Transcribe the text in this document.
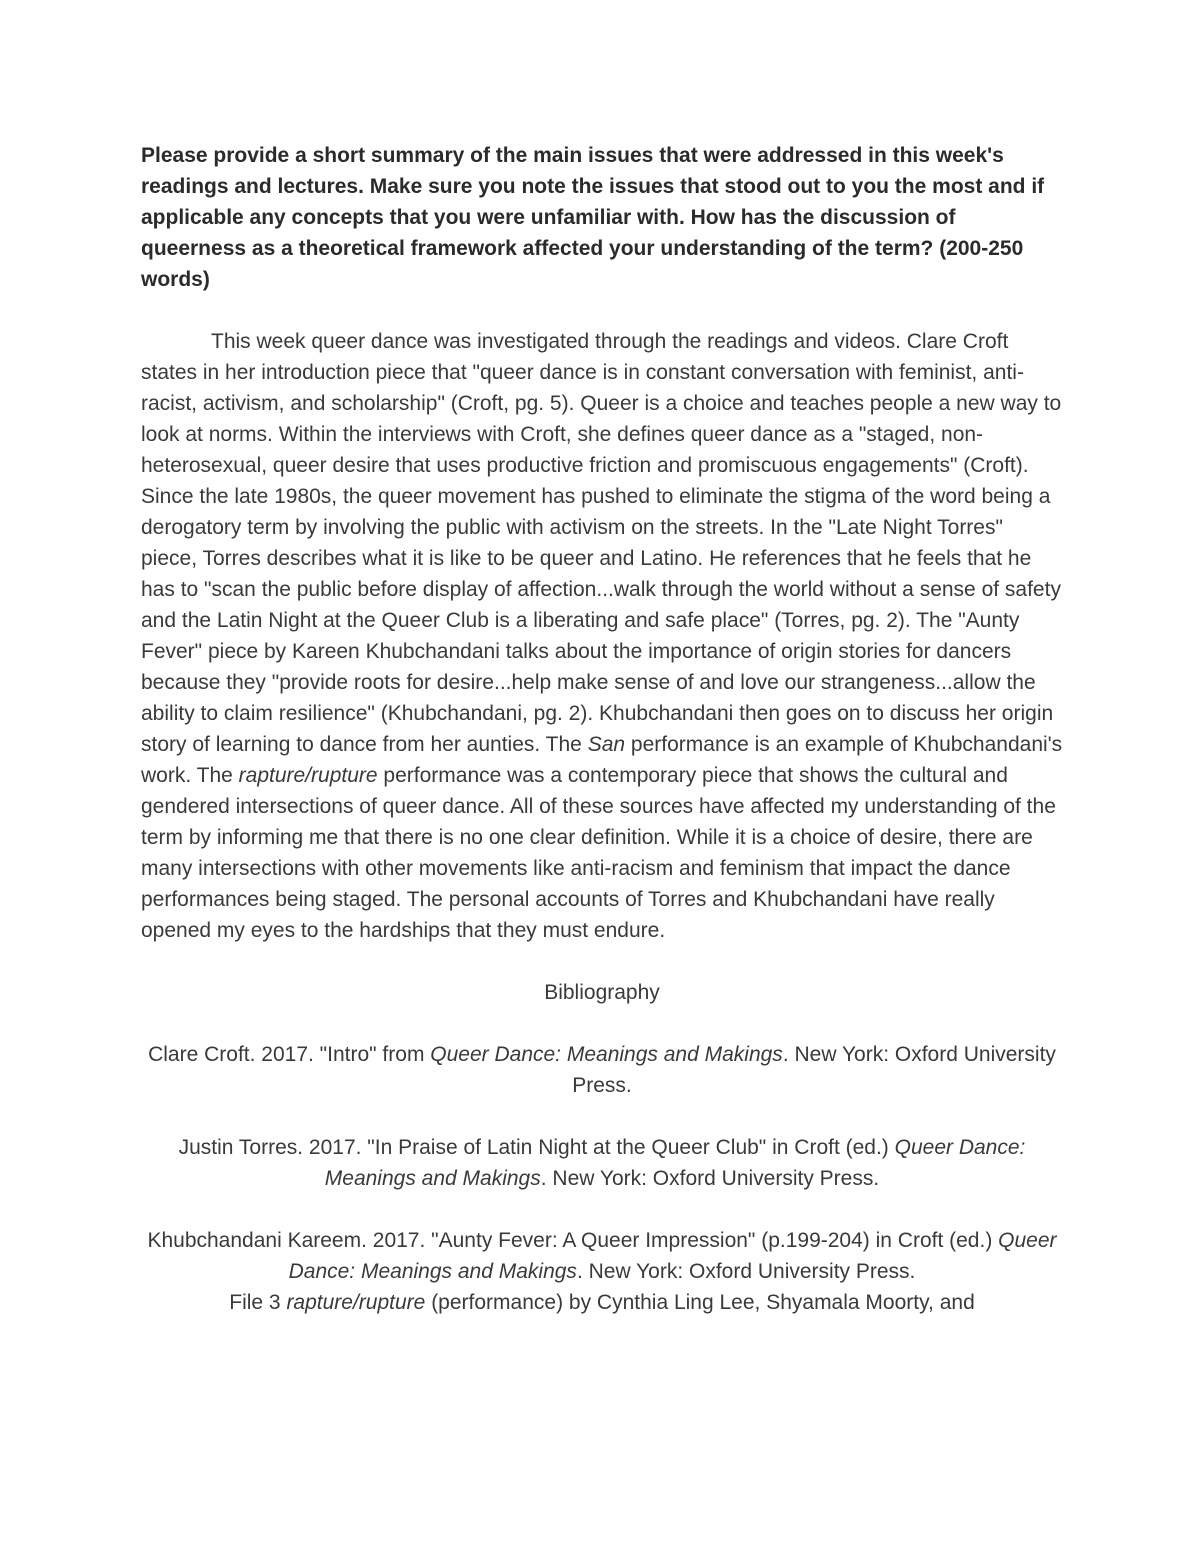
Please provide a short summary of the main issues that were addressed in this week's readings and lectures. Make sure you note the issues that stood out to you the most and if applicable any concepts that you were unfamiliar with. How has the discussion of queerness as a theoretical framework affected your understanding of the term? (200-250 words)

This week queer dance was investigated through the readings and videos. Clare Croft states in her introduction piece that "queer dance is in constant conversation with feminist, anti-racist, activism, and scholarship" (Croft, pg. 5). Queer is a choice and teaches people a new way to look at norms. Within the interviews with Croft, she defines queer dance as a "staged, non-heterosexual, queer desire that uses productive friction and promiscuous engagements" (Croft). Since the late 1980s, the queer movement has pushed to eliminate the stigma of the word being a derogatory term by involving the public with activism on the streets. In the "Late Night Torres" piece, Torres describes what it is like to be queer and Latino. He references that he feels that he has to "scan the public before display of affection...walk through the world without a sense of safety and the Latin Night at the Queer Club is a liberating and safe place" (Torres, pg. 2). The "Aunty Fever" piece by Kareen Khubchandani talks about the importance of origin stories for dancers because they "provide roots for desire...help make sense of and love our strangeness...allow the ability to claim resilience" (Khubchandani, pg. 2). Khubchandani then goes on to discuss her origin story of learning to dance from her aunties. The San performance is an example of Khubchandani's work. The rapture/rupture performance was a contemporary piece that shows the cultural and gendered intersections of queer dance. All of these sources have affected my understanding of the term by informing me that there is no one clear definition. While it is a choice of desire, there are many intersections with other movements like anti-racism and feminism that impact the dance performances being staged. The personal accounts of Torres and Khubchandani have really opened my eyes to the hardships that they must endure.

Bibliography

Clare Croft. 2017. "Intro" from Queer Dance: Meanings and Makings. New York: Oxford University Press.

Justin Torres. 2017. "In Praise of Latin Night at the Queer Club" in Croft (ed.) Queer Dance: Meanings and Makings. New York: Oxford University Press.

Khubchandani Kareem. 2017. "Aunty Fever: A Queer Impression" (p.199-204) in Croft (ed.) Queer Dance: Meanings and Makings. New York: Oxford University Press.

File 3 rapture/rupture (performance) by Cynthia Ling Lee, Shyamala Moorty, and
